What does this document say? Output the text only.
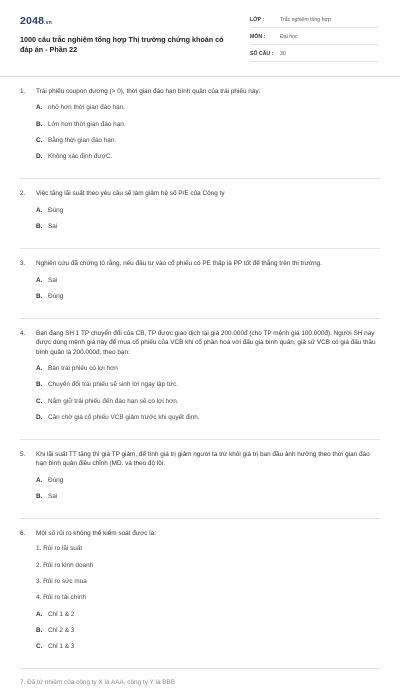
2048.vn
1000 câu trắc nghiệm tổng hợp Thị trường chứng khoán có đáp án - Phần 22
LỚP :	Trắc nghiệm tổng hợp
MÔN :	Đại học
SỐ CÂU :	30
1.	Trái phiếu coupon dương (> 0), thời gian đáo hạn bình quân của trái phiếu này:
A. nhỏ hơn thời gian đáo hạn.
B. Lớn hơn thời gian đáo hạn.
C. Bằng thời gian đáo hạn.
D. Không xác định đượC.
2.	Việc tăng lãi suất theo yêu cầu sẽ làm giảm hệ số P/E của Công ty
A. Đúng
B. Sai
3.	Nghiên cứu đã chứng tỏ rằng, nếu đầu tư vào cổ phiếu có PE thấp là PP tốt để thắng trên thị trường.
A. Sai
B. Đúng
4.	Bạn đang SH 1 TP chuyển đổi của CB, TP được giao dịch tại giá 200.000đ (cho TP mệnh giá 100.000đ). Người SH này được dùng mệnh giá này để mua cổ phiếu của VCB khi cổ phần hoá với đấu giá bình quân, giả sử VCB có giá đấu thầu bình quân là 200.000đ, theo bạn:
A. Bán trái phiếu có lợi hơn
B. Chuyển đổi trái phiếu sẽ sinh lời ngay lập tức.
C. Nắm giữ trái phiếu đến đáo hạn sẽ có lợi hơn.
D. Cần chờ giá cổ phiếu VCB giảm trước khi quyết định.
5.	Khi lãi suất TT tăng thì giá TP giảm, để tính giá trị giảm người ta trừ khỏi giá trị ban đầu ảnh hưởng theo thời gian đáo hạn bình quân điều chỉnh (MD. và theo độ lồi.
A. Đúng
B. Sai
6.	Một số rủi ro không thể kiểm soát được là:
1. Rủi ro lãi suất
2. Rủi ro kinh doanh
3. Rủi ro sức mua
4. Rủi ro tài chính
A. Chỉ 1 & 2
B. Chỉ 2 & 3
C. Chỉ 1 & 3
7. Đã từ nhiêm của công ty X là AAA, công ty Y là BBB
